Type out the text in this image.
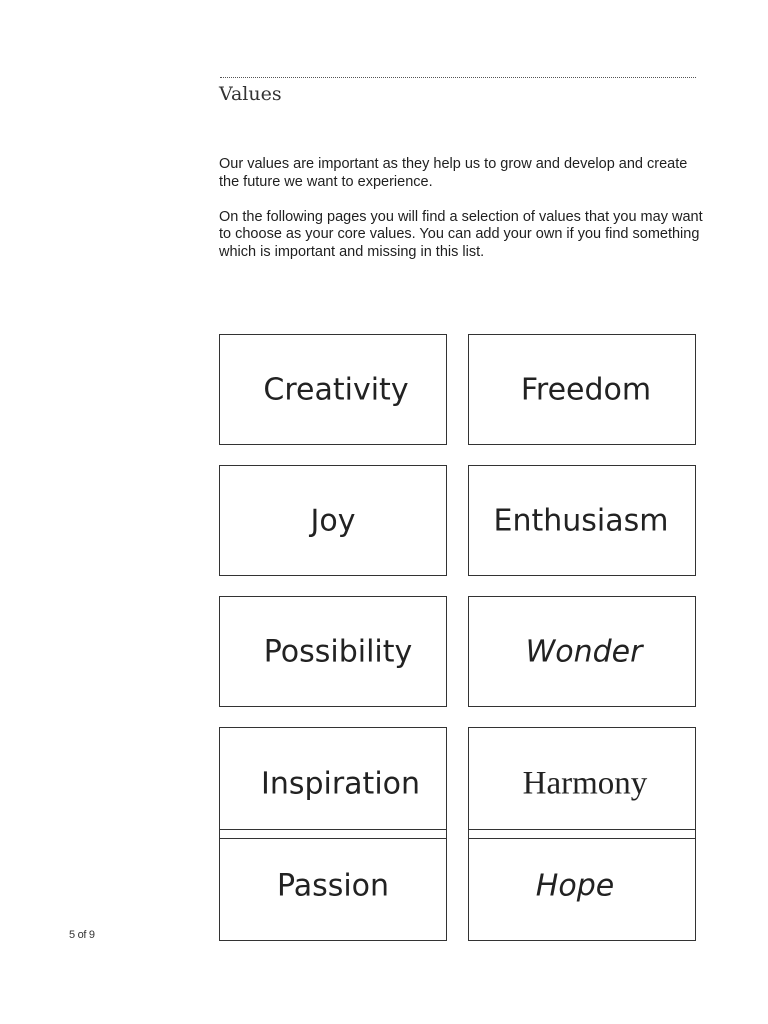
Values

Our values are important as they help us to grow and develop and create the future we want to experience.

On the following pages you will find a selection of values that you may want to choose as your core values. You can add your own if you find something which is important and missing in this list.

Creativity	Freedom
Joy	Enthusiasm
Possibility	Wonder
Inspiration	Harmony
Passion	Hope
5 of 9
